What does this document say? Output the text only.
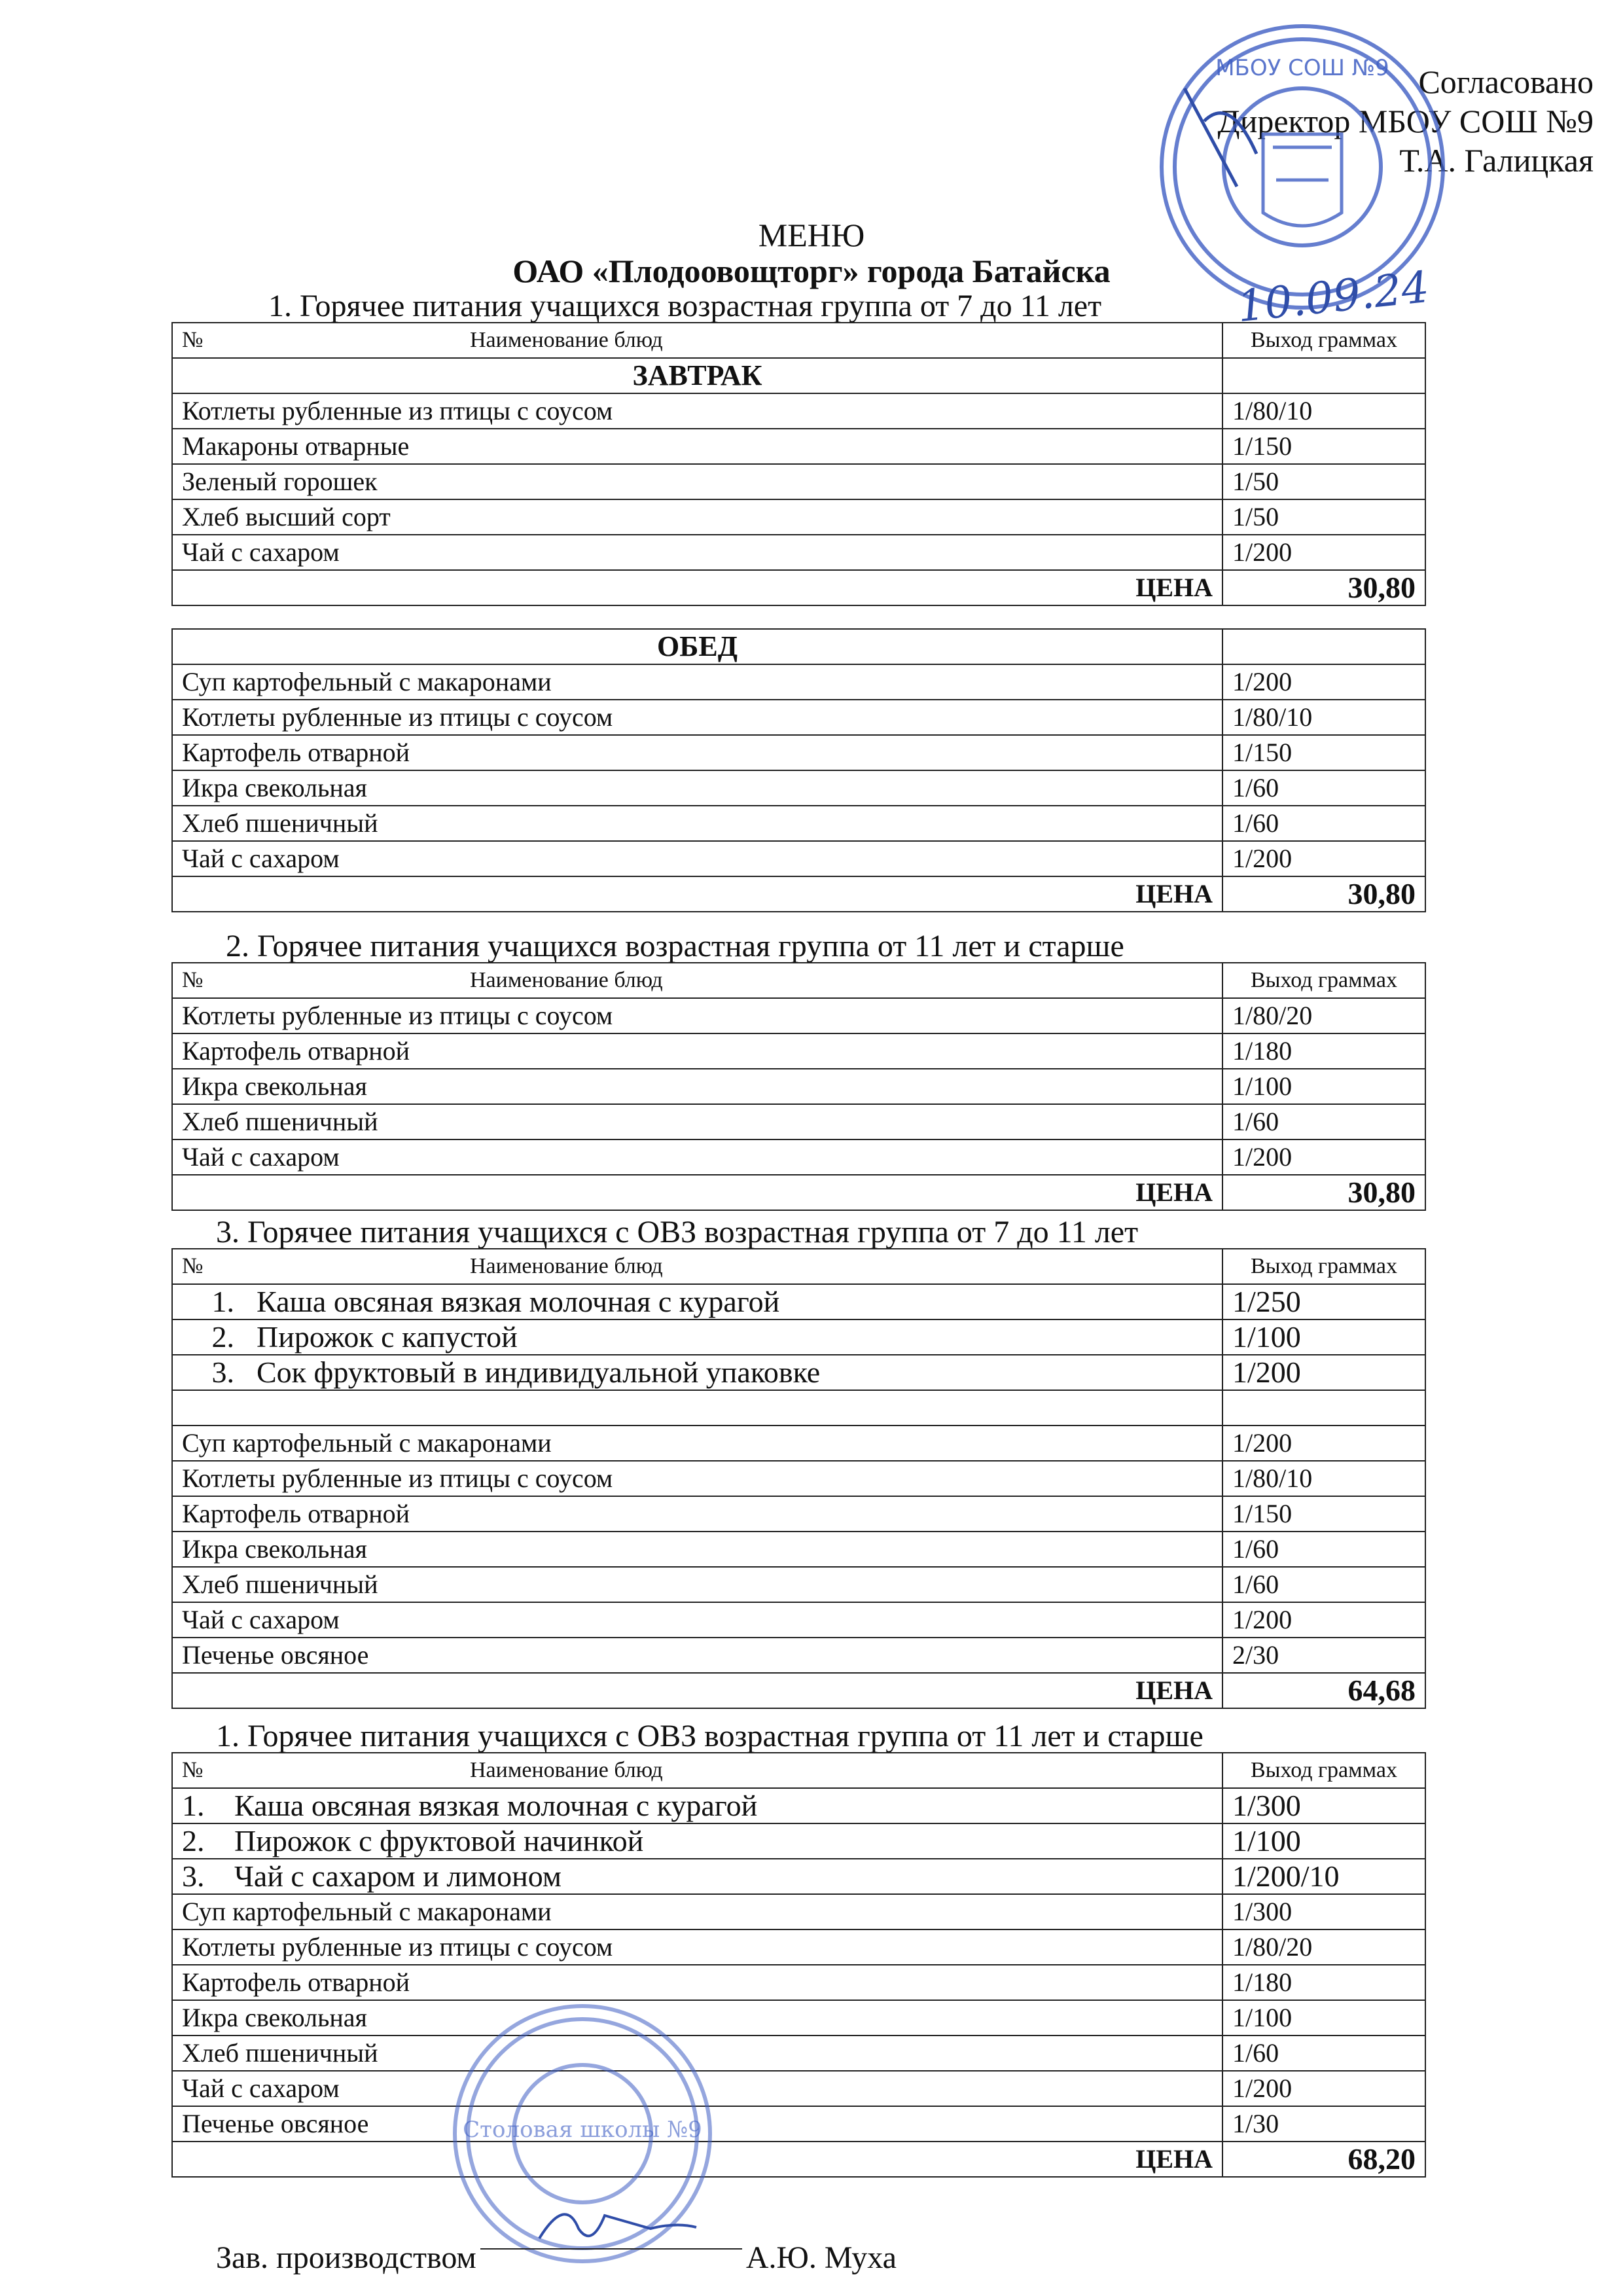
Согласовано
Директор МБОУ СОШ №9
Т.А. Галицкая
МБОУ СОШ №9
10.09.24
МЕНЮ
ОАО «Плодоовощторг» города Батайска
1. Горячее питания учащихся возрастная группа от 7 до 11 лет
№ Наименование блюд	Выход граммах
ЗАВТРАК	
Котлеты рубленные из птицы с соусом	1/80/10
Макароны отварные	1/150
Зеленый горошек	1/50
Хлеб высший сорт	1/50
Чай с сахаром	1/200
ЦЕНА	30,80
ОБЕД	
Суп картофельный с макаронами	1/200
Котлеты рубленные из птицы с соусом	1/80/10
Картофель отварной	1/150
Икра свекольная	1/60
Хлеб пшеничный	1/60
Чай с сахаром	1/200
ЦЕНА	30,80
2. Горячее питания учащихся возрастная группа от 11 лет и старше
№ Наименование блюд	Выход граммах
Котлеты рубленные из птицы с соусом	1/80/20
Картофель отварной	1/180
Икра свекольная	1/100
Хлеб пшеничный	1/60
Чай с сахаром	1/200
ЦЕНА	30,80
3. Горячее питания учащихся с ОВЗ возрастная группа от 7 до 11 лет
№ Наименование блюд	Выход граммах
1. Каша овсяная вязкая молочная с курагой	1/250
2. Пирожок с капустой	1/100
3. Сок фруктовый в индивидуальной упаковке	1/200

Суп картофельный с макаронами	1/200
Котлеты рубленные из птицы с соусом	1/80/10
Картофель отварной	1/150
Икра свекольная	1/60
Хлеб пшеничный	1/60
Чай с сахаром	1/200
Печенье овсяное	2/30
ЦЕНА	64,68
1. Горячее питания учащихся с ОВЗ возрастная группа от 11 лет и старше
№ Наименование блюд	Выход граммах
1. Каша овсяная вязкая молочная с курагой	1/300
2. Пирожок с фруктовой начинкой	1/100
3. Чай с сахаром и лимоном	1/200/10
Суп картофельный с макаронами	1/300
Котлеты рубленные из птицы с соусом	1/80/20
Картофель отварной	1/180
Икра свекольная	1/100
Хлеб пшеничный	1/60
Чай с сахаром	1/200
Печенье овсяное	1/30
ЦЕНА	68,20
Столовая школы №9
Зав. производством	А.Ю. Муха
